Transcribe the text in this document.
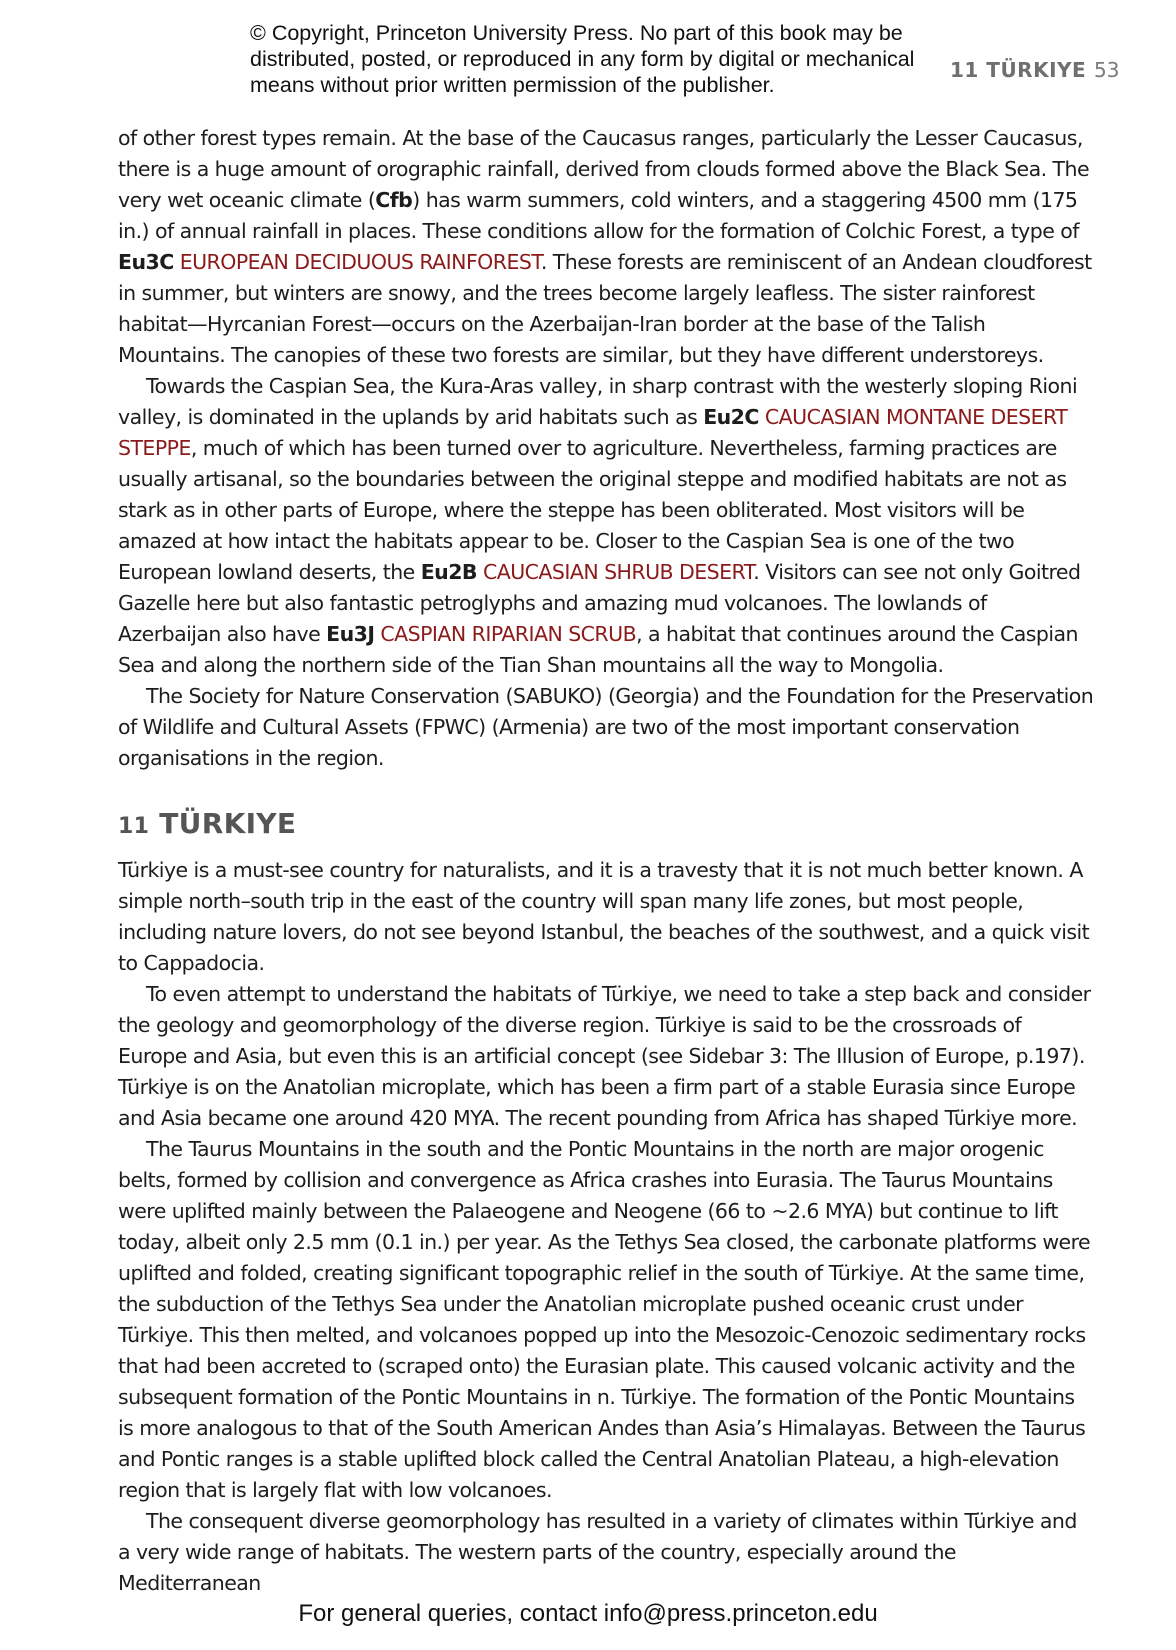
© Copyright, Princeton University Press. No part of this book may be
distributed, posted, or reproduced in any form by digital or mechanical
means without prior written permission of the publisher.
11 TÜRKIYE 53

of other forest types remain. At the base of the Caucasus ranges, particularly the Lesser Caucasus, there is a huge amount of orographic rainfall, derived from clouds formed above the Black Sea. The very wet oceanic climate (Cfb) has warm summers, cold winters, and a staggering 4500 mm (175 in.) of annual rainfall in places. These conditions allow for the formation of Colchic Forest, a type of Eu3C EUROPEAN DECIDUOUS RAINFOREST. These forests are reminiscent of an Andean cloudforest in summer, but winters are snowy, and the trees become largely leafless. The sister rainforest habitat—Hyrcanian Forest—occurs on the Azerbaijan-Iran border at the base of the Talish Mountains. The canopies of these two forests are similar, but they have different understoreys.

Towards the Caspian Sea, the Kura-Aras valley, in sharp contrast with the westerly sloping Rioni valley, is dominated in the uplands by arid habitats such as Eu2C CAUCASIAN MONTANE DESERT STEPPE, much of which has been turned over to agriculture. Nevertheless, farming practices are usually artisanal, so the boundaries between the original steppe and modified habitats are not as stark as in other parts of Europe, where the steppe has been obliterated. Most visitors will be amazed at how intact the habitats appear to be. Closer to the Caspian Sea is one of the two European lowland deserts, the Eu2B CAUCASIAN SHRUB DESERT. Visitors can see not only Goitred Gazelle here but also fantastic petroglyphs and amazing mud volcanoes. The lowlands of Azerbaijan also have Eu3J CASPIAN RIPARIAN SCRUB, a habitat that continues around the Caspian Sea and along the northern side of the Tian Shan mountains all the way to Mongolia.

The Society for Nature Conservation (SABUKO) (Georgia) and the Foundation for the Preservation of Wildlife and Cultural Assets (FPWC) (Armenia) are two of the most important conservation organisations in the region.

11 TÜRKIYE

Türkiye is a must-see country for naturalists, and it is a travesty that it is not much better known. A simple north–south trip in the east of the country will span many life zones, but most people, including nature lovers, do not see beyond Istanbul, the beaches of the southwest, and a quick visit to Cappadocia.

To even attempt to understand the habitats of Türkiye, we need to take a step back and consider the geology and geomorphology of the diverse region. Türkiye is said to be the crossroads of Europe and Asia, but even this is an artificial concept (see Sidebar 3: The Illusion of Europe, p.197). Türkiye is on the Anatolian microplate, which has been a firm part of a stable Eurasia since Europe and Asia became one around 420 MYA. The recent pounding from Africa has shaped Türkiye more.

The Taurus Mountains in the south and the Pontic Mountains in the north are major orogenic belts, formed by collision and convergence as Africa crashes into Eurasia. The Taurus Mountains were uplifted mainly between the Palaeogene and Neogene (66 to ~2.6 MYA) but continue to lift today, albeit only 2.5 mm (0.1 in.) per year. As the Tethys Sea closed, the carbonate platforms were uplifted and folded, creating significant topographic relief in the south of Türkiye. At the same time, the subduction of the Tethys Sea under the Anatolian microplate pushed oceanic crust under Türkiye. This then melted, and volcanoes popped up into the Mesozoic-Cenozoic sedimentary rocks that had been accreted to (scraped onto) the Eurasian plate. This caused volcanic activity and the subsequent formation of the Pontic Mountains in n. Türkiye. The formation of the Pontic Mountains is more analogous to that of the South American Andes than Asia’s Himalayas. Between the Taurus and Pontic ranges is a stable uplifted block called the Central Anatolian Plateau, a high-elevation region that is largely flat with low volcanoes.

The consequent diverse geomorphology has resulted in a variety of climates within Türkiye and a very wide range of habitats. The western parts of the country, especially around the Mediterranean

For general queries, contact info@press.princeton.edu
